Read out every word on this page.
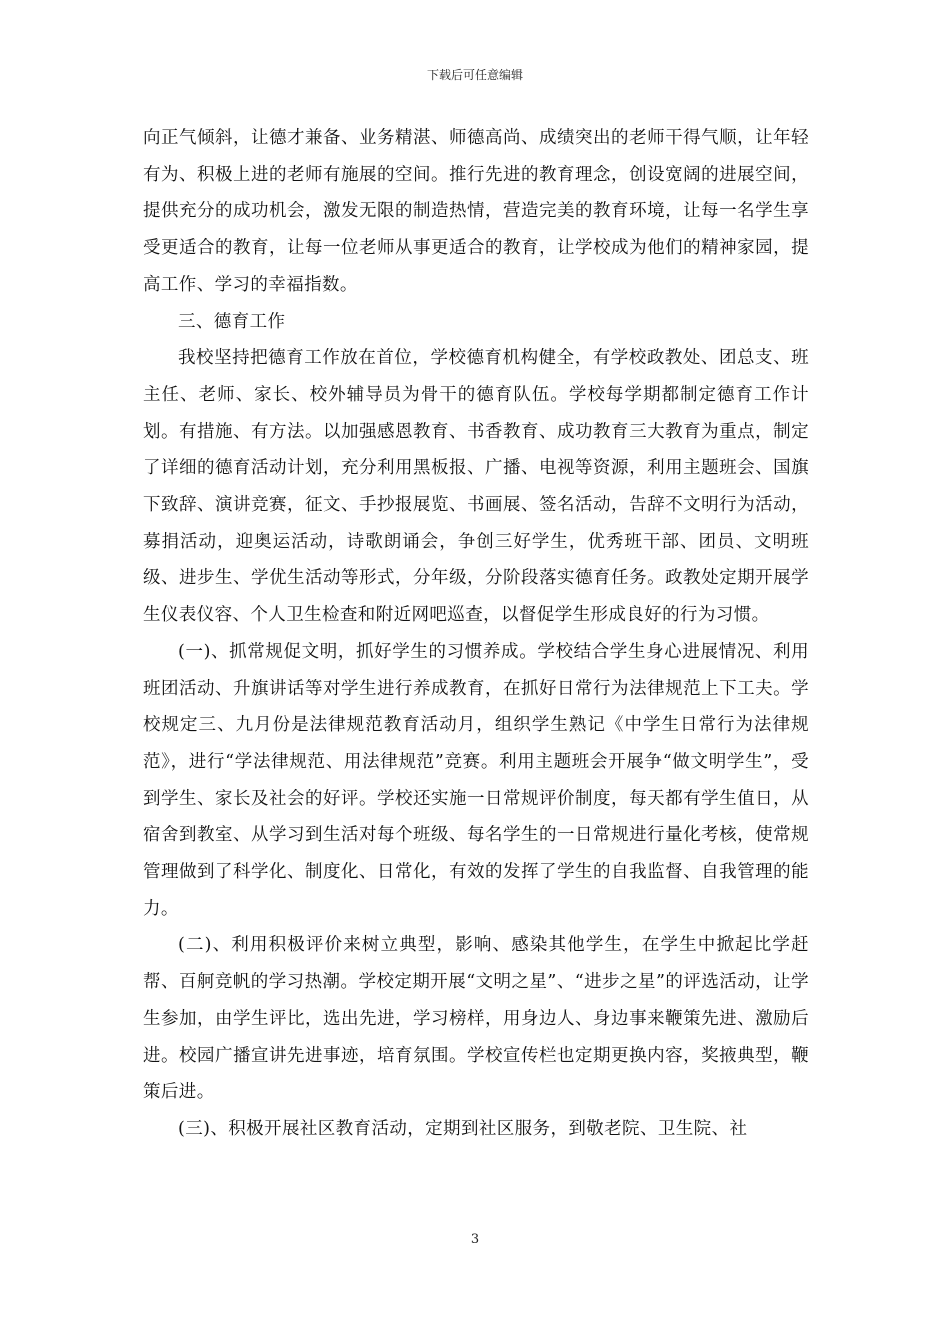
下载后可任意编辑

向正气倾斜，让德才兼备、业务精湛、师德高尚、成绩突出的老师干得气顺，让年轻有为、积极上进的老师有施展的空间。推行先进的教育理念，创设宽阔的进展空间，提供充分的成功机会，激发无限的制造热情，营造完美的教育环境，让每一名学生享受更适合的教育，让每一位老师从事更适合的教育，让学校成为他们的精神家园，提高工作、学习的幸福指数。

三、德育工作

我校坚持把德育工作放在首位，学校德育机构健全，有学校政教处、团总支、班主任、老师、家长、校外辅导员为骨干的德育队伍。学校每学期都制定德育工作计划。有措施、有方法。以加强感恩教育、书香教育、成功教育三大教育为重点，制定了详细的德育活动计划，充分利用黑板报、广播、电视等资源，利用主题班会、国旗下致辞、演讲竞赛，征文、手抄报展览、书画展、签名活动，告辞不文明行为活动，募捐活动，迎奥运活动，诗歌朗诵会，争创三好学生，优秀班干部、团员、文明班级、进步生、学优生活动等形式，分年级，分阶段落实德育任务。政教处定期开展学生仪表仪容、个人卫生检查和附近网吧巡查，以督促学生形成良好的行为习惯。

(一)、抓常规促文明，抓好学生的习惯养成。学校结合学生身心进展情况、利用班团活动、升旗讲话等对学生进行养成教育，在抓好日常行为法律规范上下工夫。学校规定三、九月份是法律规范教育活动月，组织学生熟记《中学生日常行为法律规范》，进行“学法律规范、用法律规范”竞赛。利用主题班会开展争“做文明学生”，受到学生、家长及社会的好评。学校还实施一日常规评价制度，每天都有学生值日，从宿舍到教室、从学习到生活对每个班级、每名学生的一日常规进行量化考核，使常规管理做到了科学化、制度化、日常化，有效的发挥了学生的自我监督、自我管理的能力。

(二)、利用积极评价来树立典型，影响、感染其他学生，在学生中掀起比学赶帮、百舸竞帆的学习热潮。学校定期开展“文明之星”、“进步之星”的评选活动，让学生参加，由学生评比，选出先进，学习榜样，用身边人、身边事来鞭策先进、激励后进。校园广播宣讲先进事迹，培育氛围。学校宣传栏也定期更换内容，奖掖典型，鞭策后进。

(三)、积极开展社区教育活动，定期到社区服务，到敬老院、卫生院、社

3
